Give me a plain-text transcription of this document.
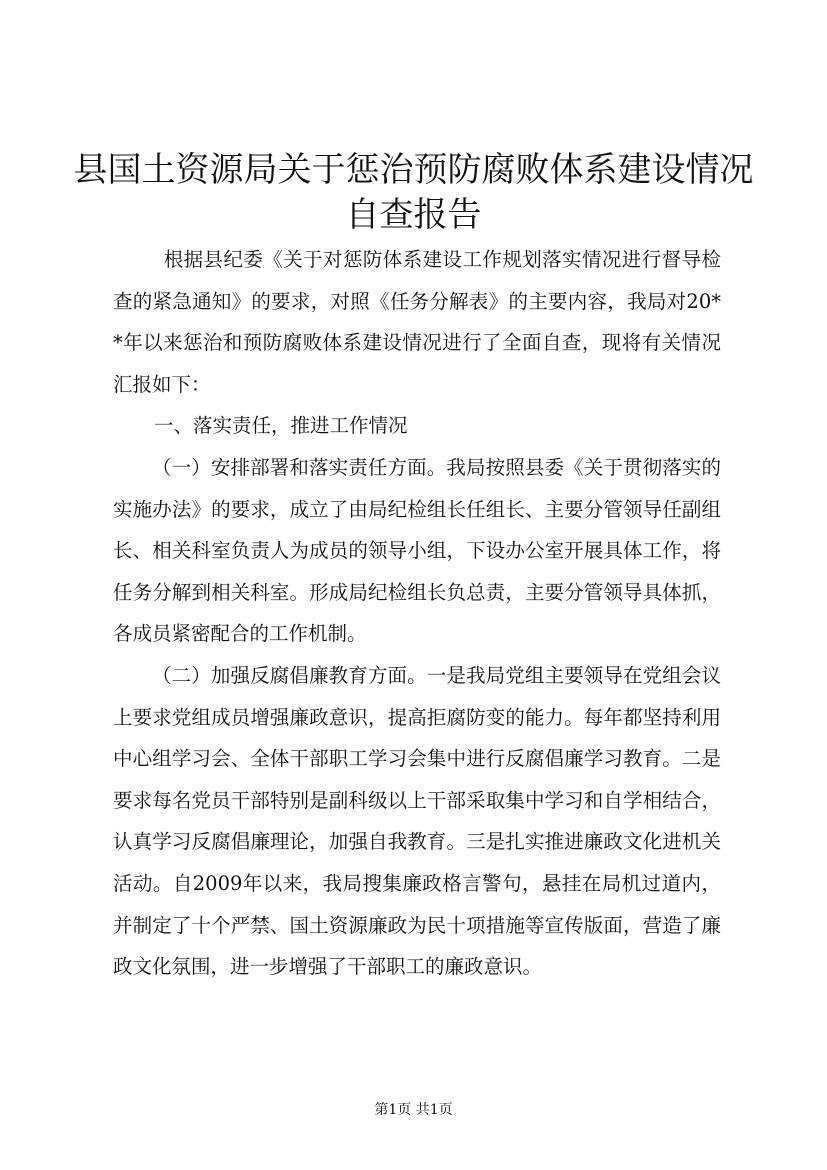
县国土资源局关于惩治预防腐败体系建设情况
自查报告

根据县纪委《关于对惩防体系建设工作规划落实情况进行督导检查的紧急通知》的要求，对照《任务分解表》的主要内容，我局对20**年以来惩治和预防腐败体系建设情况进行了全面自查，现将有关情况汇报如下：

一、落实责任，推进工作情况

（一）安排部署和落实责任方面。我局按照县委《关于贯彻落实的实施办法》的要求，成立了由局纪检组长任组长、主要分管领导任副组长、相关科室负责人为成员的领导小组，下设办公室开展具体工作，将任务分解到相关科室。形成局纪检组长负总责，主要分管领导具体抓，各成员紧密配合的工作机制。

（二）加强反腐倡廉教育方面。一是我局党组主要领导在党组会议上要求党组成员增强廉政意识，提高拒腐防变的能力。每年都坚持利用中心组学习会、全体干部职工学习会集中进行反腐倡廉学习教育。二是要求每名党员干部特别是副科级以上干部采取集中学习和自学相结合，认真学习反腐倡廉理论，加强自我教育。三是扎实推进廉政文化进机关活动。自2009年以来，我局搜集廉政格言警句，悬挂在局机过道内，并制定了十个严禁、国土资源廉政为民十项措施等宣传版面，营造了廉政文化氛围，进一步增强了干部职工的廉政意识。

第1页 共1页
